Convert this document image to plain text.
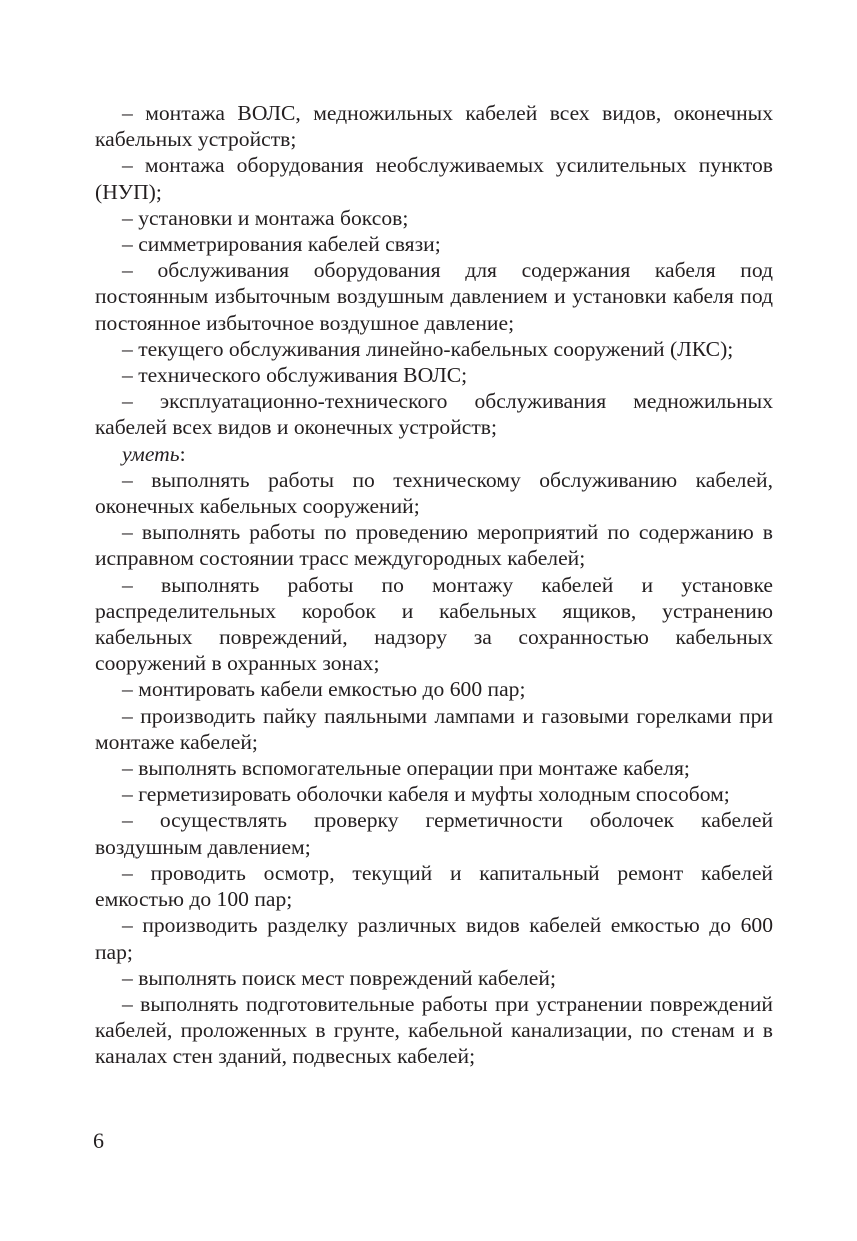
– монтажа ВОЛС, медножильных кабелей всех видов, оконечных кабельных устройств;

– монтажа оборудования необслуживаемых усилительных пунктов (НУП);

– установки и монтажа боксов;

– симметрирования кабелей связи;

– обслуживания оборудования для содержания кабеля под постоянным избыточным воздушным давлением и установки кабеля под постоянное избыточное воздушное давление;

– текущего обслуживания линейно-кабельных сооружений (ЛКС);

– технического обслуживания ВОЛС;

– эксплуатационно-технического обслуживания медножильных кабелей всех видов и оконечных устройств;

уметь:

– выполнять работы по техническому обслуживанию кабелей, оконечных кабельных сооружений;

– выполнять работы по проведению мероприятий по содержанию в исправном состоянии трасс междугородных кабелей;

– выполнять работы по монтажу кабелей и установке распределительных коробок и кабельных ящиков, устранению кабельных повреждений, надзору за сохранностью кабельных сооружений в охранных зонах;

– монтировать кабели емкостью до 600 пар;

– производить пайку паяльными лампами и газовыми горелками при монтаже кабелей;

– выполнять вспомогательные операции при монтаже кабеля;

– герметизировать оболочки кабеля и муфты холодным способом;

– осуществлять проверку герметичности оболочек кабелей воздушным давлением;

– проводить осмотр, текущий и капитальный ремонт кабелей емкостью до 100 пар;

– производить разделку различных видов кабелей емкостью до 600 пар;

– выполнять поиск мест повреждений кабелей;

– выполнять подготовительные работы при устранении повреждений кабелей, проложенных в грунте, кабельной канализации, по стенам и в каналах стен зданий, подвесных кабелей;

6
